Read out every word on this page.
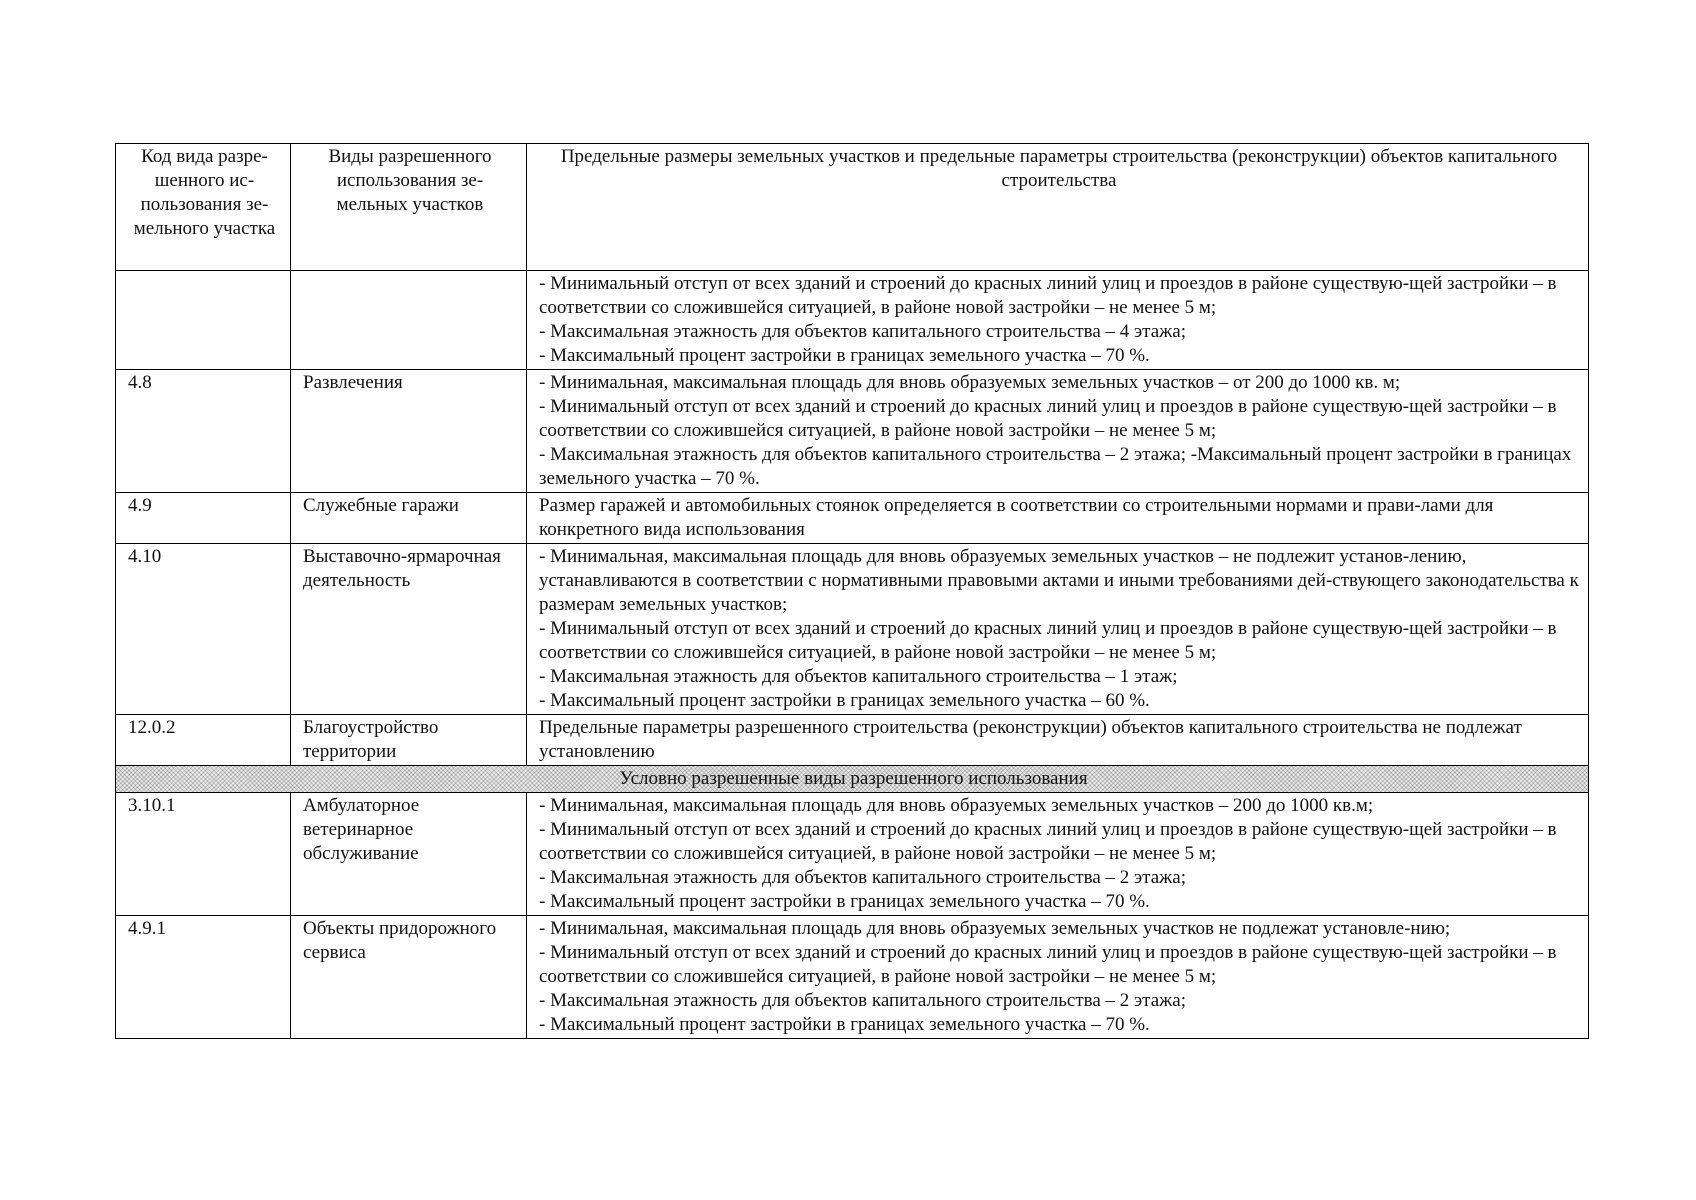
Код вида разре-шенного ис-пользования зе-мельного участка	Виды разрешенного использования зе-мельных участков	Предельные размеры земельных участков и предельные параметры строительства (реконструкции) объектов капитального строительства

		- Минимальный отступ от всех зданий и строений до красных линий улиц и проездов в районе существую-щей застройки – в соответствии со сложившейся ситуацией, в районе новой застройки – не менее 5 м;
- Максимальная этажность для объектов капитального строительства – 4 этажа;
- Максимальный процент застройки в границах земельного участка – 70 %.

4.8	Развлечения	- Минимальная, максимальная площадь для вновь образуемых земельных участков – от 200 до 1000 кв. м;
- Минимальный отступ от всех зданий и строений до красных линий улиц и проездов в районе существую-щей застройки – в соответствии со сложившейся ситуацией, в районе новой застройки – не менее 5 м;
- Максимальная этажность для объектов капитального строительства – 2 этажа; -Максимальный процент застройки в границах земельного участка – 70 %.

4.9	Служебные гаражи	Размер гаражей и автомобильных стоянок определяется в соответствии со строительными нормами и прави-лами для конкретного вида использования

4.10	Выставочно-ярмарочная деятельность	- Минимальная, максимальная площадь для вновь образуемых земельных участков – не подлежит установ-лению, устанавливаются в соответствии с нормативными правовыми актами и иными требованиями дей-ствующего законодательства к размерам земельных участков;
- Минимальный отступ от всех зданий и строений до красных линий улиц и проездов в районе существую-щей застройки – в соответствии со сложившейся ситуацией, в районе новой застройки – не менее 5 м;
- Максимальная этажность для объектов капитального строительства – 1 этаж;
- Максимальный процент застройки в границах земельного участка – 60 %.

12.0.2	Благоустройство территории	Предельные параметры разрешенного строительства (реконструкции) объектов капитального строительства не подлежат установлению

Условно разрешенные виды разрешенного использования		
3.10.1	Амбулаторное ветеринарное обслуживание	- Минимальная, максимальная площадь для вновь образуемых земельных участков – 200 до 1000 кв.м;
- Минимальный отступ от всех зданий и строений до красных линий улиц и проездов в районе существую-щей застройки – в соответствии со сложившейся ситуацией, в районе новой застройки – не менее 5 м;
- Максимальная этажность для объектов капитального строительства – 2 этажа;
- Максимальный процент застройки в границах земельного участка – 70 %.

4.9.1	Объекты придорожного сервиса	- Минимальная, максимальная площадь для вновь образуемых земельных участков не подлежат установле-нию;
- Минимальный отступ от всех зданий и строений до красных линий улиц и проездов в районе существую-щей застройки – в соответствии со сложившейся ситуацией, в районе новой застройки – не менее 5 м;
- Максимальная этажность для объектов капитального строительства – 2 этажа;
- Максимальный процент застройки в границах земельного участка – 70 %.
